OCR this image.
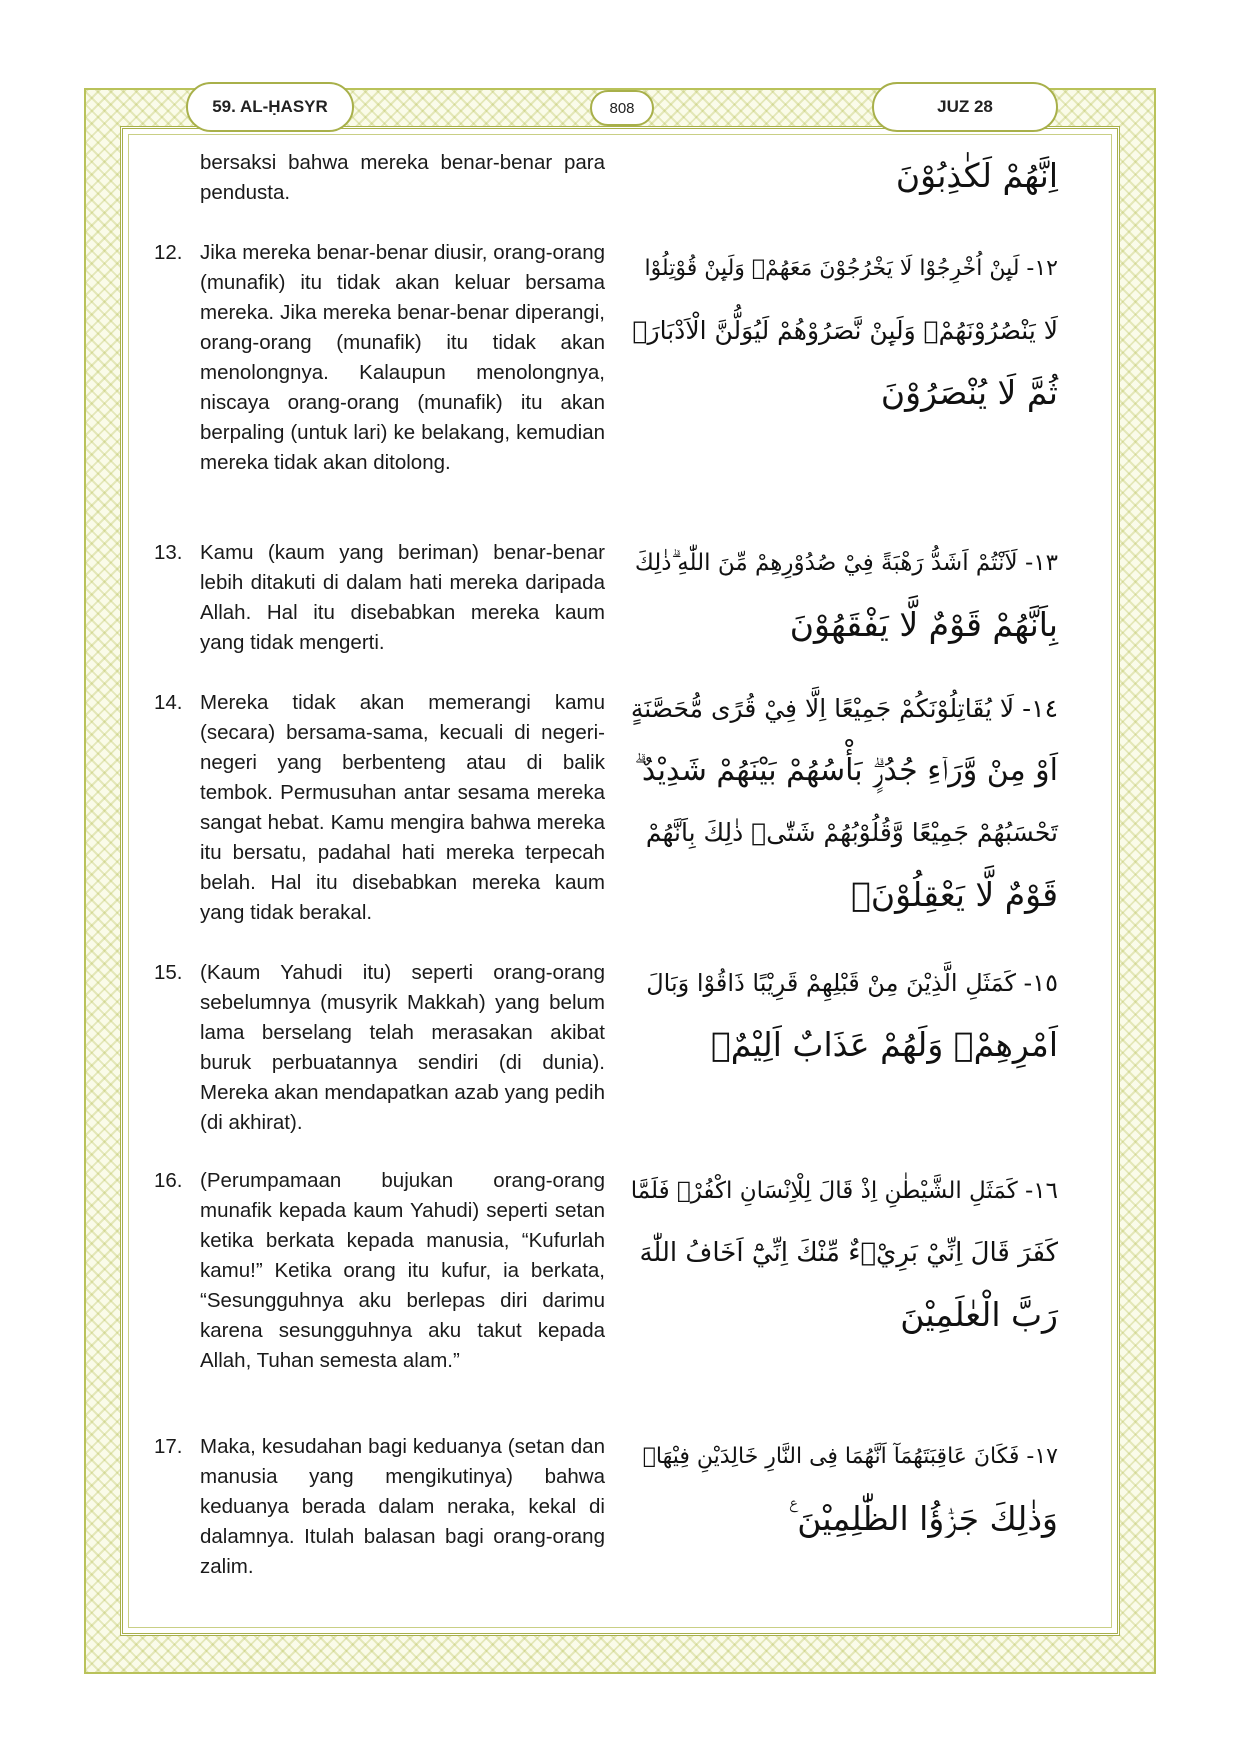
59. AL-ḤASYR	808	JUZ 28
bersaksi bahwa mereka benar-benar para pendusta.
12. Jika mereka benar-benar diusir, orang-orang (munafik) itu tidak akan keluar bersama mereka. Jika mereka benar-benar diperangi, orang-orang (munafik) itu tidak akan menolongnya. Kalaupun menolongnya, niscaya orang-orang (munafik) itu akan berpaling (untuk lari) ke belakang, kemudian mereka tidak akan ditolong.
13. Kamu (kaum yang beriman) benar-benar lebih ditakuti di dalam hati mereka daripada Allah. Hal itu disebabkan mereka kaum yang tidak mengerti.
14. Mereka tidak akan memerangi kamu (secara) bersama-sama, kecuali di negeri-negeri yang berbenteng atau di balik tembok. Permusuhan antar sesama mereka sangat hebat. Kamu mengira bahwa mereka itu bersatu, padahal hati mereka terpecah belah. Hal itu disebabkan mereka kaum yang tidak berakal.
15. (Kaum Yahudi itu) seperti orang-orang sebelumnya (musyrik Makkah) yang belum lama berselang telah merasakan akibat buruk perbuatannya sendiri (di dunia). Mereka akan mendapatkan azab yang pedih (di akhirat).
16. (Perumpamaan bujukan orang-orang munafik kepada kaum Yahudi) seperti setan ketika berkata kepada manusia, “Kufurlah kamu!” Ketika orang itu kufur, ia berkata, “Sesungguhnya aku berlepas diri darimu karena sesungguhnya aku takut kepada Allah, Tuhan semesta alam.”
17. Maka, kesudahan bagi keduanya (setan dan manusia yang mengikutinya) bahwa keduanya berada dalam neraka, kekal di dalamnya. Itulah balasan bagi orang-orang zalim.
اِنَّهُمْ لَكٰذِبُوْنَ
١٢- لَىِٕنْ اُخْرِجُوْا لَا يَخْرُجُوْنَ مَعَهُمْۚ وَلَىِٕنْ قُوْتِلُوْا
لَا يَنْصُرُوْنَهُمْۚ وَلَىِٕنْ نَّصَرُوْهُمْ لَيُوَلُّنَّ الْاَدْبَارَۙ
ثُمَّ لَا يُنْصَرُوْنَ
١٣- لَاَنْتُمْ اَشَدُّ رَهْبَةً فِيْ صُدُوْرِهِمْ مِّنَ اللّٰهِ ۗذٰلِكَ
بِاَنَّهُمْ قَوْمٌ لَّا يَفْقَهُوْنَ
١٤- لَا يُقَاتِلُوْنَكُمْ جَمِيْعًا اِلَّا فِيْ قُرًى مُّحَصَّنَةٍ
اَوْ مِنْ وَّرَاۤءِ جُدُرٍۗ بَأْسُهُمْ بَيْنَهُمْ شَدِيْدٌ ۗ
تَحْسَبُهُمْ جَمِيْعًا وَّقُلُوْبُهُمْ شَتّٰىۗ ذٰلِكَ بِاَنَّهُمْ
قَوْمٌ لَّا يَعْقِلُوْنَۚ
١٥- كَمَثَلِ الَّذِيْنَ مِنْ قَبْلِهِمْ قَرِيْبًا ذَاقُوْا وَبَالَ
اَمْرِهِمْۚ وَلَهُمْ عَذَابٌ اَلِيْمٌۚ
١٦- كَمَثَلِ الشَّيْطٰنِ اِذْ قَالَ لِلْاِنْسَانِ اكْفُرْۚ فَلَمَّا
كَفَرَ قَالَ اِنِّيْ بَرِيْۤءٌ مِّنْكَ اِنِّيْٓ اَخَافُ اللّٰهَ
رَبَّ الْعٰلَمِيْنَ
١٧- فَكَانَ عَاقِبَتَهُمَآ اَنَّهُمَا فِى النَّارِ خَالِدَيْنِ فِيْهَاۗ
وَذٰلِكَ جَزٰۤؤُا الظّٰلِمِيْنَ ࣖ
